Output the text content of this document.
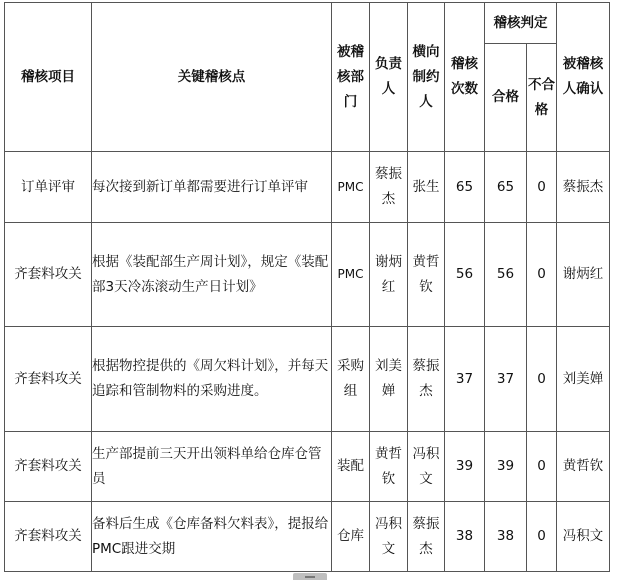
稽核项目	关键稽核点	被稽核部门	负责人	横向制约人	稽核次数	稽核判定		被稽核人确认
						合格	不合格	
订单评审	每次接到新订单都需要进行订单评审	PMC	蔡振杰	张生	65	65	0	蔡振杰
齐套料攻关	根据《装配部生产周计划》，规定《装配部3天冷冻滚动生产日计划》	PMC	谢炳红	黄哲钦	56	56	0	谢炳红
齐套料攻关	根据物控提供的《周欠料计划》，并每天追踪和管制物料的采购进度。	采购组	刘美婵	蔡振杰	37	37	0	刘美婵
齐套料攻关	生产部提前三天开出领料单给仓库仓管员	装配	黄哲钦	冯积文	39	39	0	黄哲钦
齐套料攻关	备料后生成《仓库备料欠料表》，提报给PMC跟进交期	仓库	冯积文	蔡振杰	38	38	0	冯积文
